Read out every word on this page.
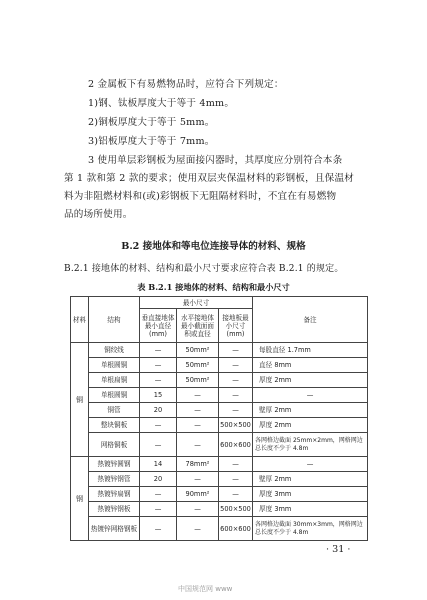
2 金属板下有易燃物品时，应符合下列规定：
1)钢、钛板厚度大于等于 4mm。
2)铜板厚度大于等于 5mm。
3)铝板厚度大于等于 7mm。
3 使用单层彩钢板为屋面接闪器时，其厚度应分别符合本条
第 1 款和第 2 款的要求；使用双层夹保温材料的彩钢板，且保温材
料为非阻燃材料和(或)彩钢板下无阻隔材料时，不宜在有易燃物
品的场所使用。
B.2 接地体和等电位连接导体的材料、规格
B.2.1 接地体的材料、结构和最小尺寸要求应符合表 B.2.1 的规定。
表 B.2.1 接地体的材料、结构和最小尺寸
材料	结构	最小尺寸			备注
		垂直接地体最小直径(mm)	水平接地体最小截面面积或直径	接地板最小尺寸(mm)	
铜	铜绞线	—	50mm²	—	每股直径 1.7mm
	单根圆铜	—	50mm²	—	直径 8mm
	单根扁铜	—	50mm²	—	厚度 2mm
	单根圆铜	15	—	—	—
	铜管	20	—	—	壁厚 2mm
	整块铜板	—	—	500×500	厚度 2mm
	网格铜板	—	—	600×600	各网格边截面 25mm×2mm，网格网边总长度不少于 4.8m
钢	热镀锌圆钢	14	78mm²	—	—
	热镀锌钢管	20	—	—	壁厚 2mm
	热镀锌扁钢	—	90mm²	—	厚度 3mm
	热镀锌钢板	—	—	500×500	厚度 3mm
	热镀锌网格钢板	—	—	600×600	各网格边截面 30mm×3mm，网格网边总长度不少于 4.8m
· 31 ·
中国规范网 www
